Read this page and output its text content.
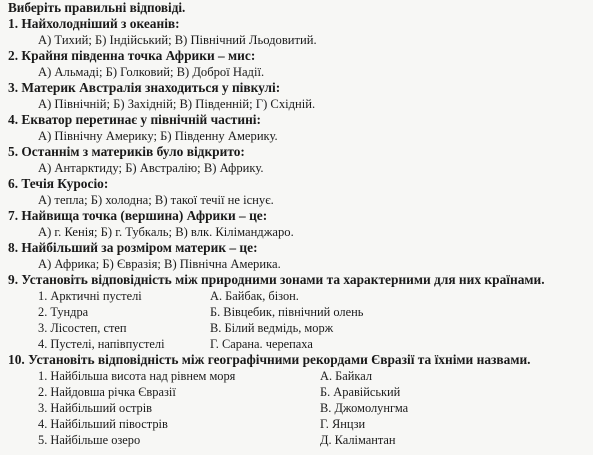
Виберіть правильні відповіді.
1. Найхолодніший з океанів:
А) Тихий; Б) Індійський; В) Північний Льодовитий.
2. Крайня південна точка Африки – мис:
А) Альмаді; Б) Голковий; В) Доброї Надії.
3. Материк Австралія знаходиться у півкулі:
А) Північній; Б) Західній; В) Південній; Г) Східній.
4. Екватор перетинає у північній частині:
А) Північну Америку; Б) Південну Америку.
5. Останнім з материків було відкрито:
А) Антарктиду; Б) Австралію; В) Африку.
6. Течія Куросіо:
А) тепла; Б) холодна; В) такої течії не існує.
7. Найвища точка (вершина) Африки – це:
А) г. Кенія; Б) г. Тубкаль; В) влк. Кіліманджаро.
8. Найбільший за розміром материк – це:
А) Африка; Б) Євразія; В) Північна Америка.
9. Установіть відповідність між природними зонами та характерними для них країнами.
1. Арктичні пустелі	А. Байбак, бізон.
2. Тундра	Б. Вівцебик, північний олень
3. Лісостеп, степ	В. Білий ведмідь, морж
4. Пустелі, напівпустелі	Г. Сарана. черепаха
10. Установіть відповідність між географічними рекордами Євразії та їхніми назвами.
1. Найбільша висота над рівнем моря	А. Байкал
2. Найдовша річка Євразії	Б. Аравійський
3. Найбільший острів	В. Джомолунгма
4. Найбільший півострів	Г. Янцзи
5. Найбільше озеро	Д. Калімантан
